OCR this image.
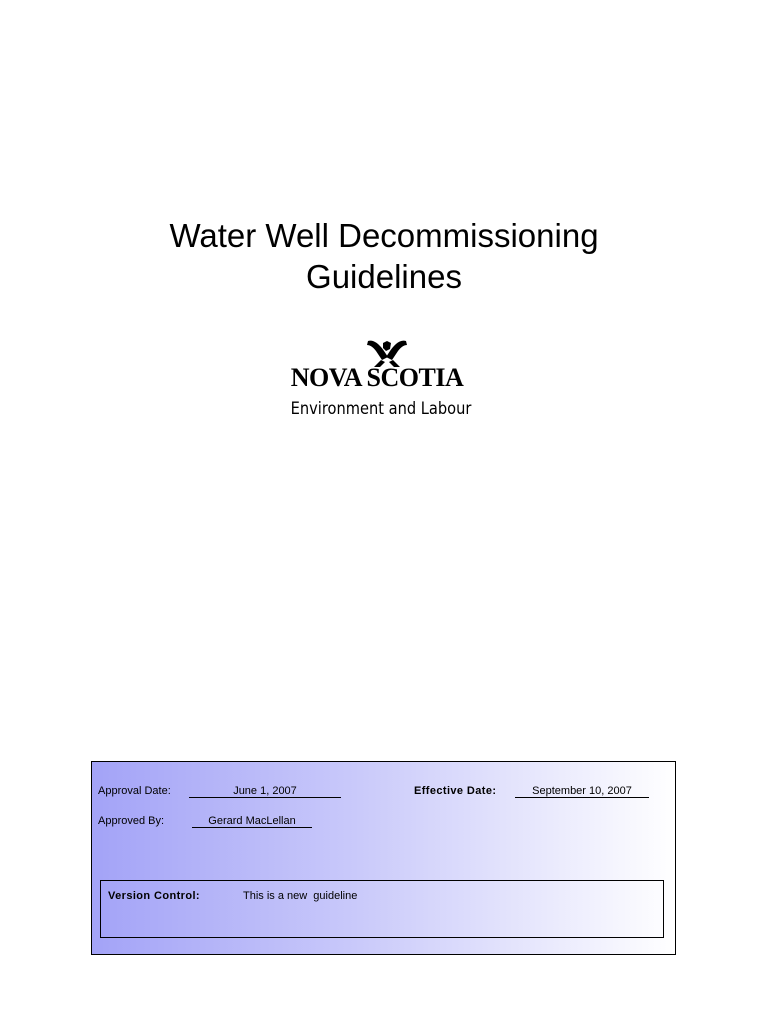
Water Well Decommissioning
Guidelines
NOVA SCOTIA
Environment and Labour
Approval Date:	June 1, 2007	Effective Date:	September 10, 2007
Approved By:	Gerard MacLellan
Version Control:	This is a new  guideline
